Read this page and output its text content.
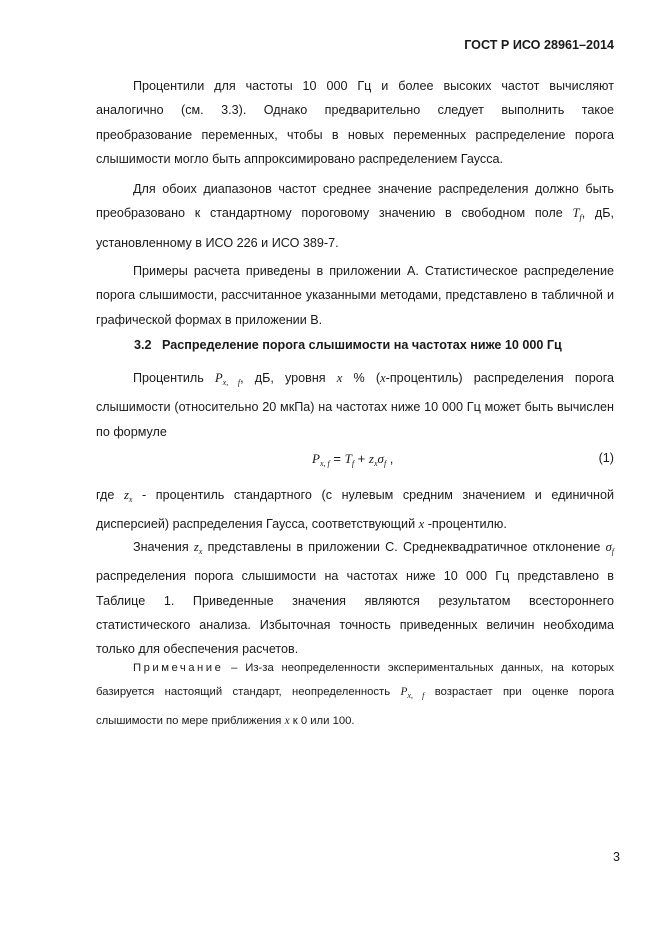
ГОСТ Р ИСО 28961–2014
Процентили для частоты 10 000 Гц и более высоких частот вычисляют аналогично (см. 3.3). Однако предварительно следует выполнить такое преобразование переменных, чтобы в новых переменных распределение порога слышимости могло быть аппроксимировано распределением Гаусса.
Для обоих диапазонов частот среднее значение распределения должно быть преобразовано к стандартному пороговому значению в свободном поле $T_f$, дБ, установленному в ИСО 226 и ИСО 389-7.
Примеры расчета приведены в приложении А. Статистическое распределение порога слышимости, рассчитанное указанными методами, представлено в табличной и графической формах в приложении В.
3.2 Распределение порога слышимости на частотах ниже 10 000 Гц
Процентиль $P_{x, f}$, дБ, уровня x % (x-процентиль) распределения порога слышимости (относительно 20 мкПа) на частотах ниже 10 000 Гц может быть вычислен по формуле
$P_{x, f} = T_f + z_x\sigma_f$ ,	(1)
где $z_x$ - процентиль стандартного (с нулевым средним значением и единичной дисперсией) распределения Гаусса, соответствующий x -процентилю.
Значения $z_x$ представлены в приложении С. Среднеквадратичное отклонение $\sigma_f$ распределения порога слышимости на частотах ниже 10 000 Гц представлено в Таблице 1. Приведенные значения являются результатом всестороннего статистического анализа. Избыточная точность приведенных величин необходима только для обеспечения расчетов.
Примечание – Из-за неопределенности экспериментальных данных, на которых базируется настоящий стандарт, неопределенность $P_{x, f}$ возрастает при оценке порога слышимости по мере приближения x к 0 или 100.
3
